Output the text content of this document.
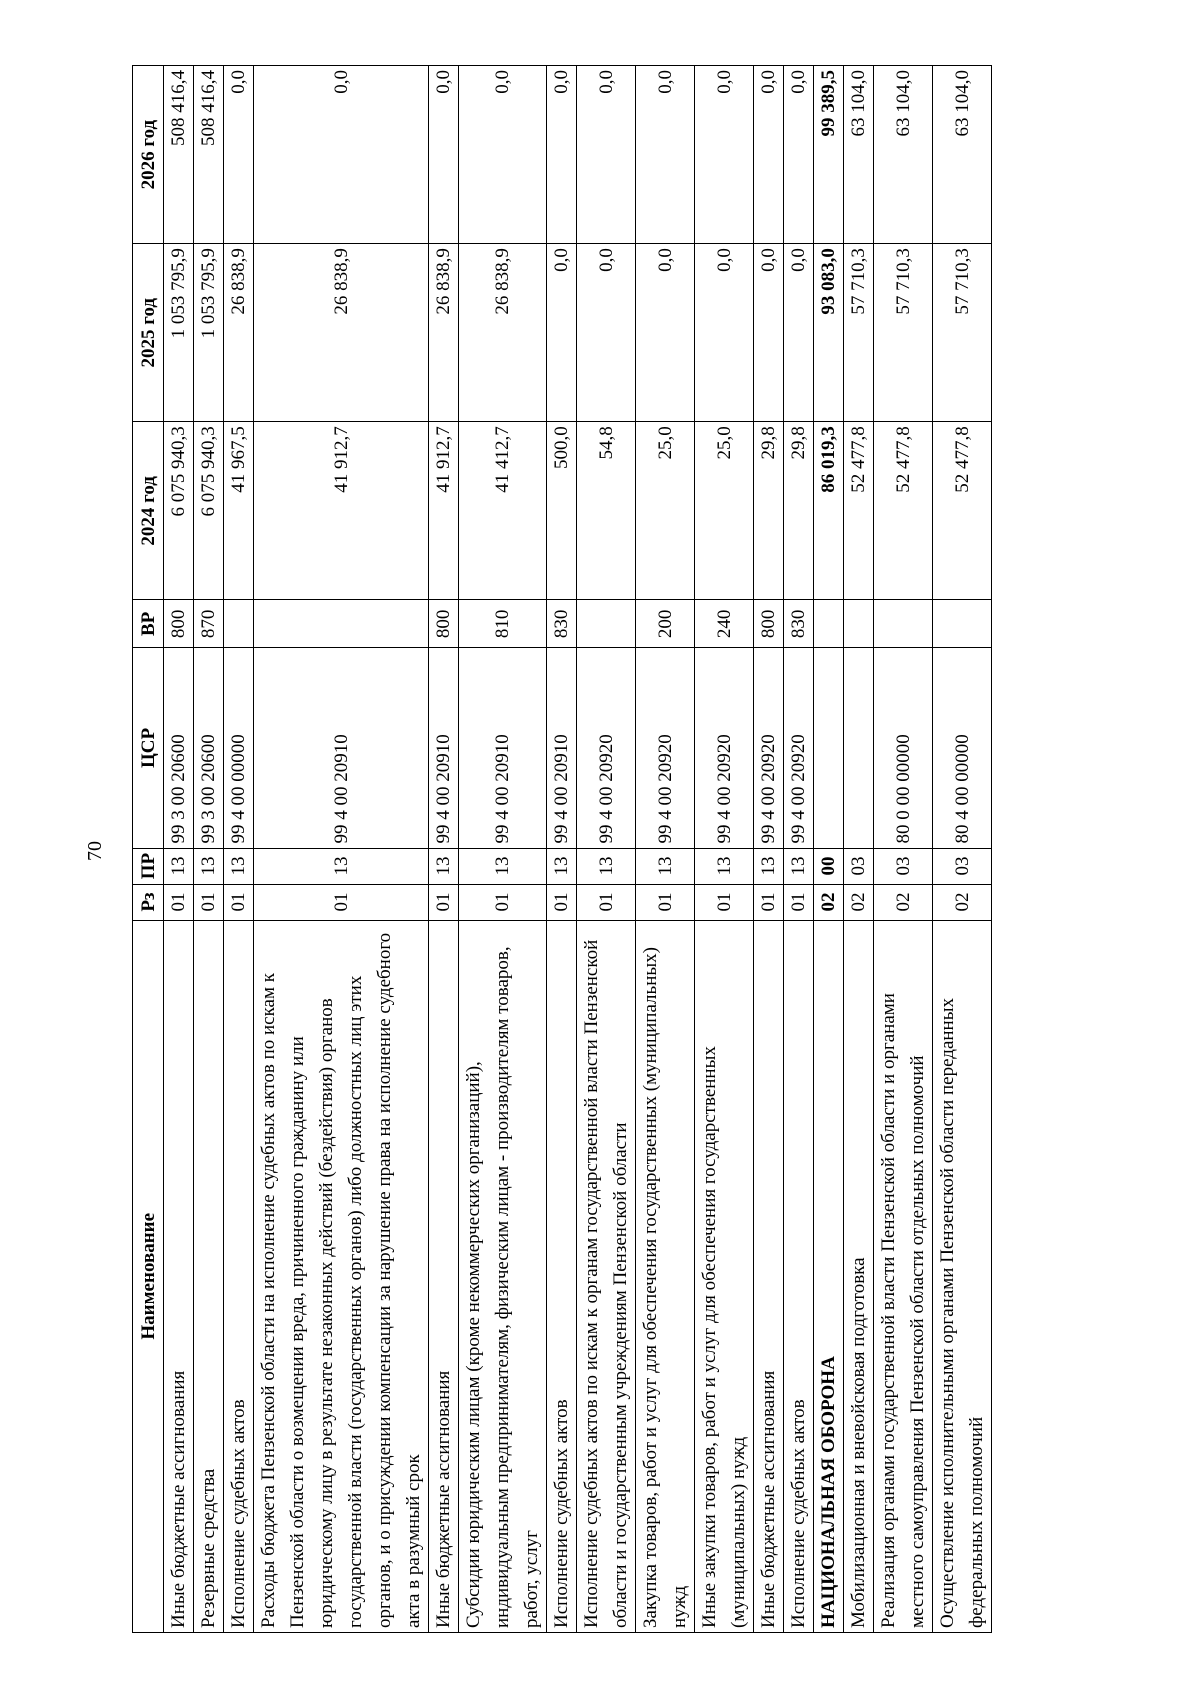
70
Наименование	Рз	ПР	ЦСР	ВР	2024 год	2025 год	2026 год
Иные бюджетные ассигнования	01	13	99 3 00 20600	800	6 075 940,3	1 053 795,9	508 416,4
Резервные средства	01	13	99 3 00 20600	870	6 075 940,3	1 053 795,9	508 416,4
Исполнение судебных актов	01	13	99 4 00 00000		41 967,5	26 838,9	0,0
Расходы бюджета Пензенской области на исполнение судебных актов по искам к Пензенской области о возмещении вреда, причиненного гражданину или юридическому лицу в результате незаконных действий (бездействия) органов государственной власти (государственных органов) либо должностных лиц этих органов, и о присуждении компенсации за нарушение права на исполнение судебного акта в разумный срок	01	13	99 4 00 20910		41 912,7	26 838,9	0,0
Иные бюджетные ассигнования	01	13	99 4 00 20910	800	41 912,7	26 838,9	0,0
Субсидии юридическим лицам (кроме некоммерческих организаций), индивидуальным предпринимателям, физическим лицам - производителям товаров, работ, услуг	01	13	99 4 00 20910	810	41 412,7	26 838,9	0,0
Исполнение судебных актов	01	13	99 4 00 20910	830	500,0	0,0	0,0
Исполнение судебных актов по искам к органам государственной власти Пензенской области и государственным учреждениям Пензенской области	01	13	99 4 00 20920		54,8	0,0	0,0
Закупка товаров, работ и услуг для обеспечения государственных (муниципальных) нужд	01	13	99 4 00 20920	200	25,0	0,0	0,0
Иные закупки товаров, работ и услуг для обеспечения государственных (муниципальных) нужд	01	13	99 4 00 20920	240	25,0	0,0	0,0
Иные бюджетные ассигнования	01	13	99 4 00 20920	800	29,8	0,0	0,0
Исполнение судебных актов	01	13	99 4 00 20920	830	29,8	0,0	0,0
НАЦИОНАЛЬНАЯ ОБОРОНА	02	00			86 019,3	93 083,0	99 389,5
Мобилизационная и вневойсковая подготовка	02	03			52 477,8	57 710,3	63 104,0
Реализация органами государственной власти Пензенской области и органами местного самоуправления Пензенской области отдельных полномочий	02	03	80 0 00 00000		52 477,8	57 710,3	63 104,0
Осуществление исполнительными органами Пензенской области переданных федеральных полномочий	02	03	80 4 00 00000		52 477,8	57 710,3	63 104,0
